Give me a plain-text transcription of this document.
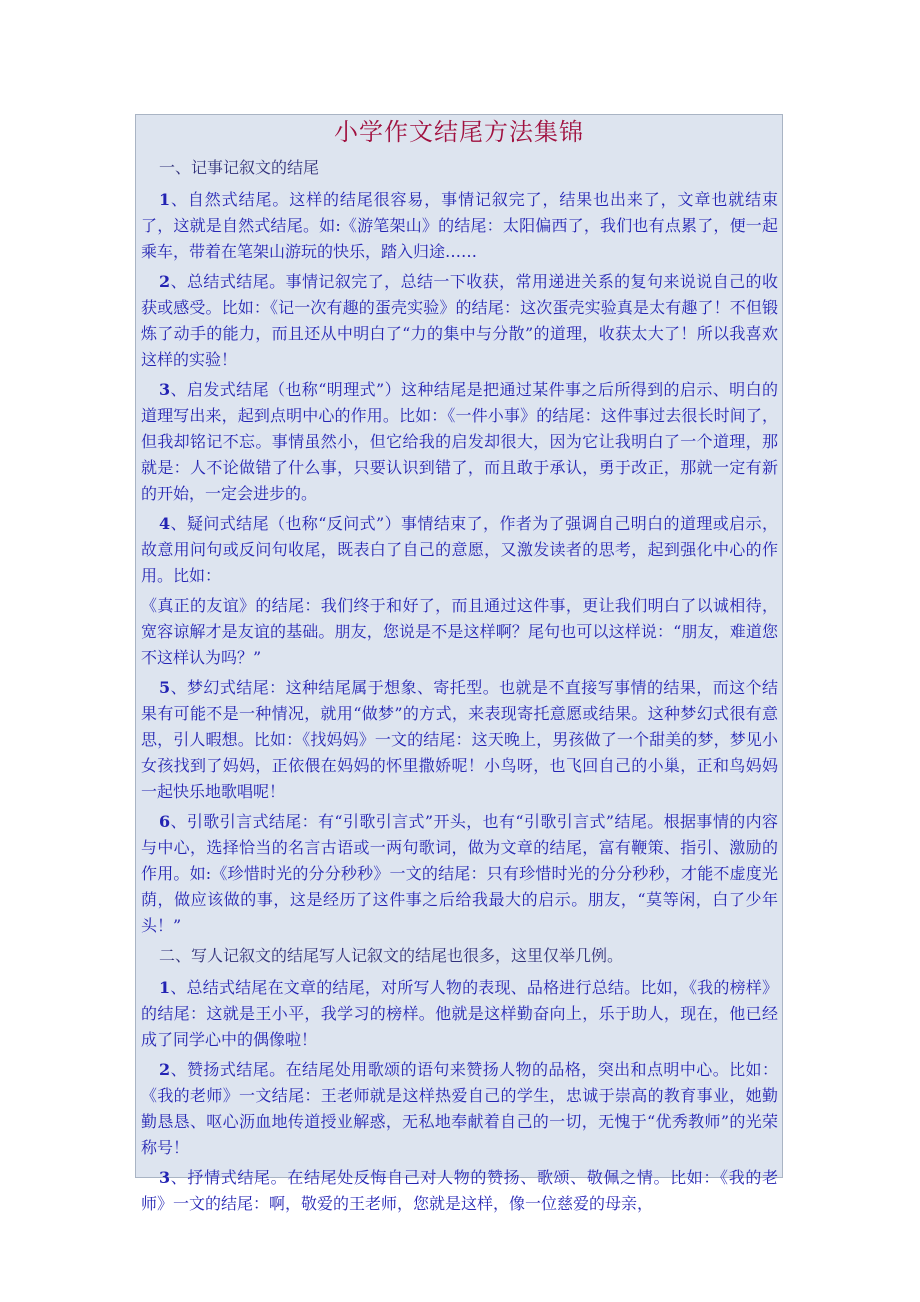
小学作文结尾方法集锦
一、记事记叙文的结尾
1、自然式结尾。这样的结尾很容易，事情记叙完了，结果也出来了，文章也就结束了，这就是自然式结尾。如:《游笔架山》的结尾：太阳偏西了，我们也有点累了，便一起乘车，带着在笔架山游玩的快乐，踏入归途……
2、总结式结尾。事情记叙完了，总结一下收获，常用递进关系的复句来说说自己的收获或感受。比如：《记一次有趣的蛋壳实验》的结尾：这次蛋壳实验真是太有趣了！不但锻炼了动手的能力，而且还从中明白了“力的集中与分散”的道理，收获太大了！所以我喜欢这样的实验！
3、启发式结尾（也称“明理式”）这种结尾是把通过某件事之后所得到的启示、明白的道理写出来，起到点明中心的作用。比如：《一件小事》的结尾：这件事过去很长时间了，但我却铭记不忘。事情虽然小，但它给我的启发却很大，因为它让我明白了一个道理，那就是：人不论做错了什么事，只要认识到错了，而且敢于承认，勇于改正，那就一定有新的开始，一定会进步的。
4、疑问式结尾（也称“反问式”）事情结束了，作者为了强调自己明白的道理或启示，故意用问句或反问句收尾，既表白了自己的意愿，又激发读者的思考，起到强化中心的作用。比如：
《真正的友谊》的结尾：我们终于和好了，而且通过这件事，更让我们明白了以诚相待，宽容谅解才是友谊的基础。朋友，您说是不是这样啊？尾句也可以这样说：“朋友，难道您不这样认为吗？”
5、梦幻式结尾：这种结尾属于想象、寄托型。也就是不直接写事情的结果，而这个结果有可能不是一种情况，就用“做梦”的方式，来表现寄托意愿或结果。这种梦幻式很有意思，引人暇想。比如：《找妈妈》一文的结尾：这天晚上，男孩做了一个甜美的梦，梦见小女孩找到了妈妈，正依偎在妈妈的怀里撒娇呢！小鸟呀，也飞回自己的小巢，正和鸟妈妈一起快乐地歌唱呢！
6、引歌引言式结尾：有“引歌引言式”开头，也有“引歌引言式”结尾。根据事情的内容与中心，选择恰当的名言古语或一两句歌词，做为文章的结尾，富有鞭策、指引、激励的作用。如:《珍惜时光的分分秒秒》一文的结尾：只有珍惜时光的分分秒秒，才能不虚度光荫，做应该做的事，这是经历了这件事之后给我最大的启示。朋友，“莫等闲，白了少年头！”
二、写人记叙文的结尾写人记叙文的结尾也很多，这里仅举几例。
1、总结式结尾在文章的结尾，对所写人物的表现、品格进行总结。比如，《我的榜样》的结尾：这就是王小平，我学习的榜样。他就是这样勤奋向上，乐于助人，现在，他已经成了同学心中的偶像啦！
2、赞扬式结尾。在结尾处用歌颂的语句来赞扬人物的品格，突出和点明中心。比如：《我的老师》一文结尾：王老师就是这样热爱自己的学生，忠诚于崇高的教育事业，她勤勤恳恳、呕心沥血地传道授业解惑，无私地奉献着自己的一切，无愧于“优秀教师”的光荣称号！
3、抒情式结尾。在结尾处反悔自己对人物的赞扬、歌颂、敬佩之情。比如：《我的老师》一文的结尾：啊，敬爱的王老师，您就是这样，像一位慈爱的母亲，
